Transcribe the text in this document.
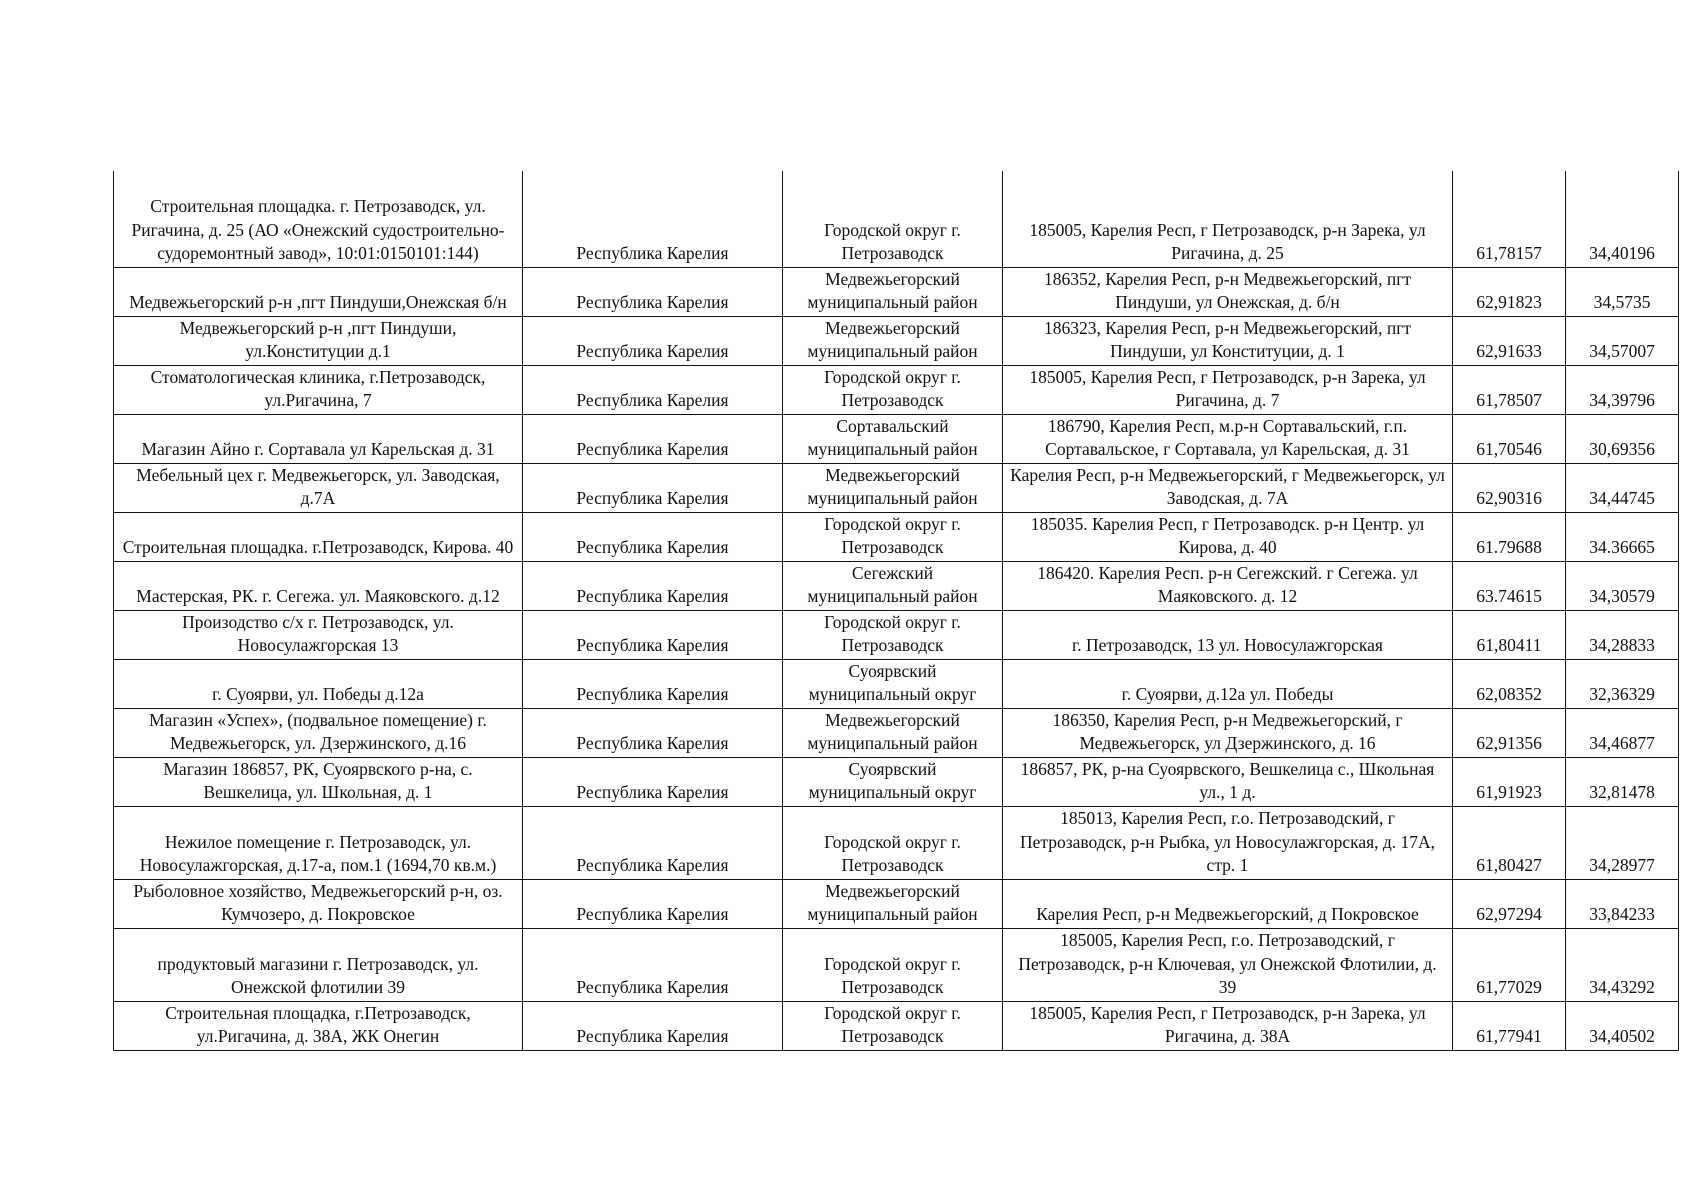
Строительная площадка. г. Петрозаводск, ул. Ригачина, д. 25 (АО «Онежский судостроительно-судоремонтный завод», 10:01:0150101:144)	Республика Карелия	Городской округ г. Петрозаводск	185005, Карелия Респ, г Петрозаводск, р-н Зарека, ул Ригачина, д. 25	61,78157	34,40196
Медвежьегорский р-н ,пгт Пиндуши,Онежская б/н	Республика Карелия	Медвежьегорский муниципальный район	186352, Карелия Респ, р-н Медвежьегорский, пгт Пиндуши, ул Онежская, д. б/н	62,91823	34,5735
Медвежьегорский р-н ,пгт Пиндуши, ул.Конституции д.1	Республика Карелия	Медвежьегорский муниципальный район	186323, Карелия Респ, р-н Медвежьегорский, пгт Пиндуши, ул Конституции, д. 1	62,91633	34,57007
Стоматологическая клиника, г.Петрозаводск, ул.Ригачина, 7	Республика Карелия	Городской округ г. Петрозаводск	185005, Карелия Респ, г Петрозаводск, р-н Зарека, ул Ригачина, д. 7	61,78507	34,39796
Магазин Айно г. Сортавала ул Карельская д. 31	Республика Карелия	Сортавальский муниципальный район	186790, Карелия Респ, м.р-н Сортавальский, г.п. Сортавальское, г Сортавала, ул Карельская, д. 31	61,70546	30,69356
Мебельный цех г. Медвежьегорск, ул. Заводская, д.7А	Республика Карелия	Медвежьегорский муниципальный район	Карелия Респ, р-н Медвежьегорский, г Медвежьегорск, ул Заводская, д. 7А	62,90316	34,44745
Строительная площадка. г.Петрозаводск, Кирова. 40	Республика Карелия	Городской округ г. Петрозаводск	185035. Карелия Респ, г Петрозаводск. р-н Центр. ул Кирова, д. 40	61.79688	34.36665
Мастерская, РК. г. Сегежа. ул. Маяковского. д.12	Республика Карелия	Сегежский муниципальный район	186420. Карелия Респ. р-н Сегежский. г Сегежа. ул Маяковского. д. 12	63.74615	34,30579
Произодство с/х г. Петрозаводск, ул. Новосулажгорская 13	Республика Карелия	Городской округ г. Петрозаводск	г. Петрозаводск, 13 ул. Новосулажгорская	61,80411	34,28833
г. Суоярви, ул. Победы д.12а	Республика Карелия	Суоярвский муниципальный округ	г. Суоярви, д.12а ул. Победы	62,08352	32,36329
Магазин «Успех», (подвальное помещение) г. Медвежьегорск, ул. Дзержинского, д.16	Республика Карелия	Медвежьегорский муниципальный район	186350, Карелия Респ, р-н Медвежьегорский, г Медвежьегорск, ул Дзержинского, д. 16	62,91356	34,46877
Магазин 186857, РК, Суоярвского р-на, с. Вешкелица, ул. Школьная, д. 1	Республика Карелия	Суоярвский муниципальный округ	186857, РК, р-на Суоярвского, Вешкелица с., Школьная ул., 1 д.	61,91923	32,81478
Нежилое помещение г. Петрозаводск, ул. Новосулажгорская, д.17-а, пом.1 (1694,70 кв.м.)	Республика Карелия	Городской округ г. Петрозаводск	185013, Карелия Респ, г.о. Петрозаводский, г Петрозаводск, р-н Рыбка, ул Новосулажгорская, д. 17А, стр. 1	61,80427	34,28977
Рыболовное хозяйство, Медвежьегорский р-н, оз. Кумчозеро, д. Покровское	Республика Карелия	Медвежьегорский муниципальный район	Карелия Респ, р-н Медвежьегорский, д Покровское	62,97294	33,84233
продуктовый магазини г. Петрозаводск, ул. Онежской флотилии 39	Республика Карелия	Городской округ г. Петрозаводск	185005, Карелия Респ, г.о. Петрозаводский, г Петрозаводск, р-н Ключевая, ул Онежской Флотилии, д. 39	61,77029	34,43292
Строительная площадка, г.Петрозаводск, ул.Ригачина, д. 38А, ЖК Онегин	Республика Карелия	Городской округ г. Петрозаводск	185005, Карелия Респ, г Петрозаводск, р-н Зарека, ул Ригачина, д. 38А	61,77941	34,40502
